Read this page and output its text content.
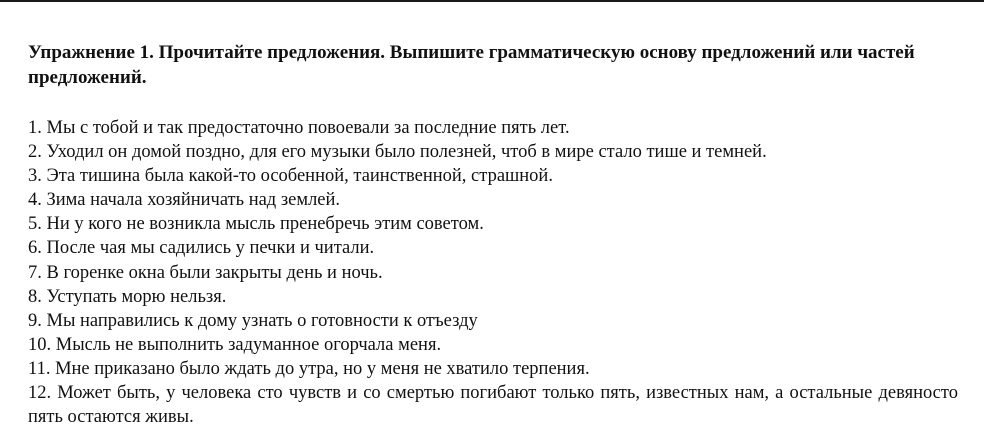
Упражнение 1. Прочитайте предложения. Выпишите грамматическую основу предложений или частей предложений.

1. Мы с тобой и так предостаточно повоевали за последние пять лет.
2. Уходил он домой поздно, для его музыки было полезней, чтоб в мире стало тише и темней.
3. Эта тишина была какой-то особенной, таинственной, страшной.
4. Зима начала хозяйничать над землей.
5. Ни у кого не возникла мысль пренебречь этим советом.
6. После чая мы садились у печки и читали.
7. В горенке окна были закрыты день и ночь.
8. Уступать морю нельзя.
9. Мы направились к дому узнать о готовности к отъезду
10. Мысль не выполнить задуманное огорчала меня.
11. Мне приказано было ждать до утра, но у меня не хватило терпения.
12. Может быть, у человека сто чувств и со смертью погибают только пять, известных нам, а остальные девяносто пять остаются живы.
